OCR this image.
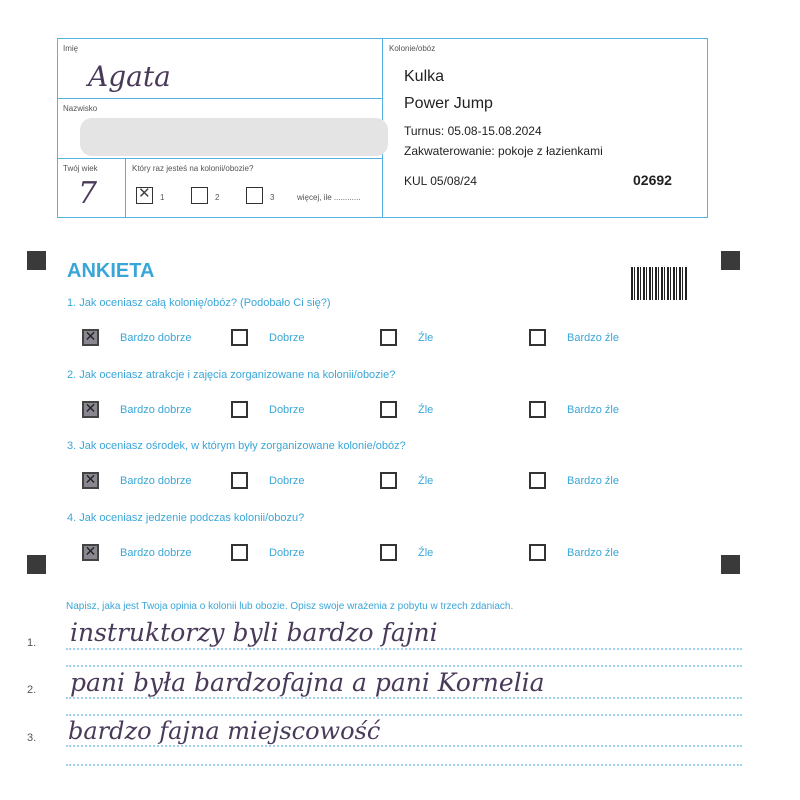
Imię
Agata
Nazwisko
Twój wiek
7
Który raz jesteś na kolonii/obozie?
✕ 1	2	3	więcej, ile ............
Kolonie/obóz
Kulka
Power Jump
Turnus: 05.08-15.08.2024
Zakwaterowanie: pokoje z łazienkami
KUL 05/08/24	02692
ANKIETA
1. Jak oceniasz całą kolonię/obóz? (Podobało Ci się?)
✕
Bardzo dobrze	Dobrze	Źle	Bardzo źle
2. Jak oceniasz atrakcje i zajęcia zorganizowane na kolonii/obozie?
✕
Bardzo dobrze	Dobrze	Źle	Bardzo źle
3. Jak oceniasz ośrodek, w którym były zorganizowane kolonie/obóz?
✕
Bardzo dobrze	Dobrze	Źle	Bardzo źle
4. Jak oceniasz jedzenie podczas kolonii/obozu?
✕
Bardzo dobrze	Dobrze	Źle	Bardzo źle
Napisz, jaka jest Twoja opinia o kolonii lub obozie. Opisz swoje wrażenia z pobytu w trzech zdaniach.
1. instruktorzy byli bardzo fajni
2. pani była bardzofajna a pani Kornelia
3. bardzo fajna miejscowość
